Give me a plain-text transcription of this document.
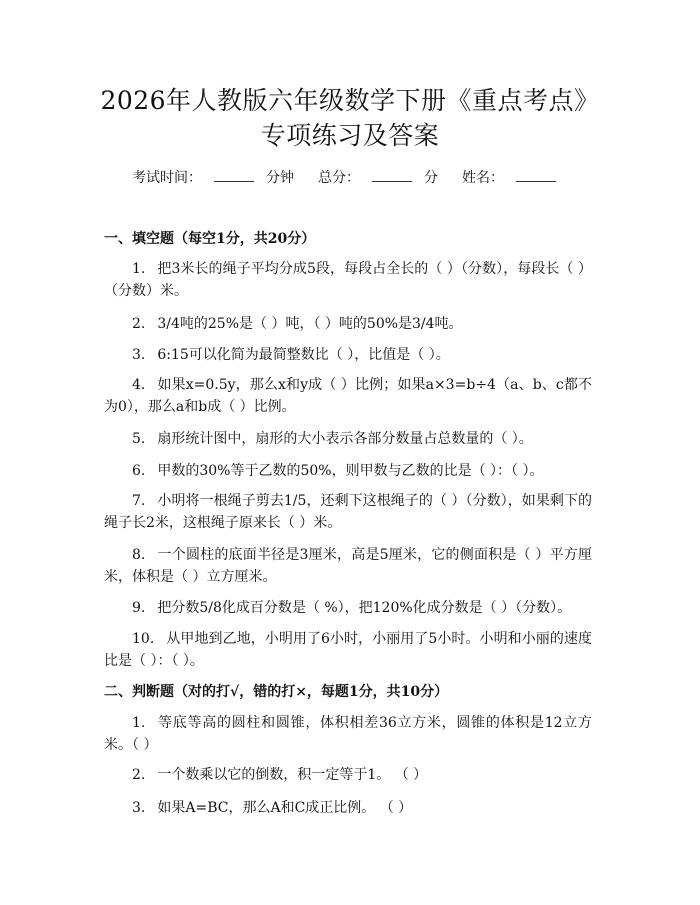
2026年人教版六年级数学下册《重点考点》
专项练习及答案
考试时间：	分钟 总分：	分 姓名：
一、填空题（每空1分，共20分）
1. 把3米长的绳子平均分成5段，每段占全长的（ ）（分数），每段长（ ）（分数）米。
2. 3/4吨的25%是（ ）吨，（ ）吨的50%是3/4吨。
3. 6:15可以化简为最简整数比（ ），比值是（ ）。
4. 如果x=0.5y，那么x和y成（ ）比例；如果a×3=b÷4（a、b、c都不为0），那么a和b成（ ）比例。
5. 扇形统计图中，扇形的大小表示各部分数量占总数量的（ ）。
6. 甲数的30%等于乙数的50%，则甲数与乙数的比是（ ）：（ ）。
7. 小明将一根绳子剪去1/5，还剩下这根绳子的（ ）（分数），如果剩下的绳子长2米，这根绳子原来长（ ）米。
8. 一个圆柱的底面半径是3厘米，高是5厘米，它的侧面积是（ ）平方厘米，体积是（ ）立方厘米。
9. 把分数5/8化成百分数是（ %），把120%化成分数是（ ）（分数）。
10. 从甲地到乙地，小明用了6小时，小丽用了5小时。小明和小丽的速度比是（ ）：（ ）。
二、判断题（对的打√，错的打×，每题1分，共10分）
1. 等底等高的圆柱和圆锥，体积相差36立方米，圆锥的体积是12立方米。（ ）
2. 一个数乘以它的倒数，积一定等于1。 （ ）
3. 如果A=BC，那么A和C成正比例。 （ ）
